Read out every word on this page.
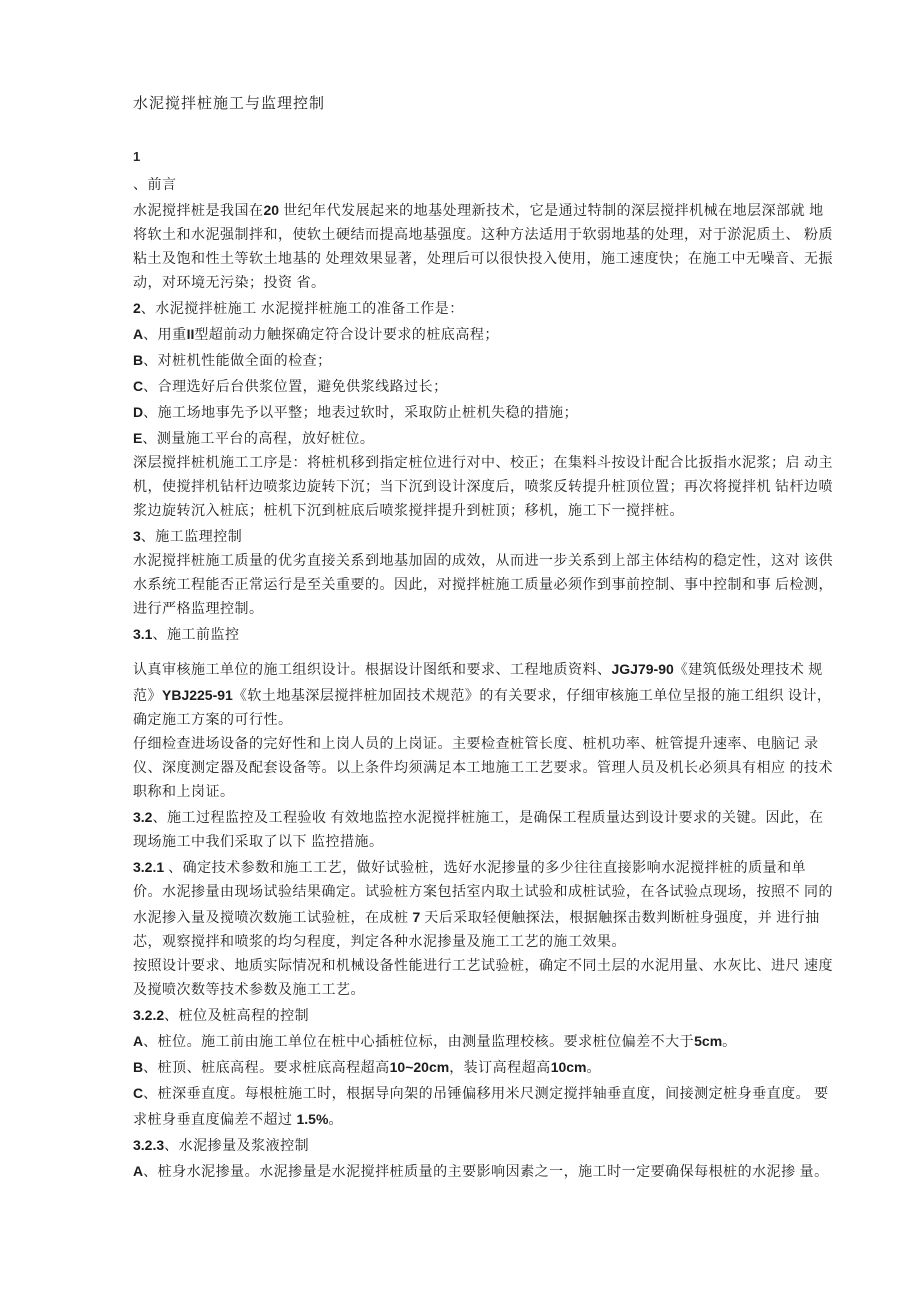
水泥搅拌桩施工与监理控制
1
、前言
水泥搅拌桩是我国在20 世纪年代发展起来的地基处理新技术，它是通过特制的深层搅拌机械在地层深部就 地
将软土和水泥强制拌和，使软土硬结而提高地基强度。这种方法适用于软弱地基的处理，对于淤泥质土、 粉质
粘土及饱和性土等软土地基的 处理效果显著，处理后可以很快投入使用，施工速度快；在施工中无噪音、无振
动，对环境无污染；投资 省。
2、水泥搅拌桩施工 水泥搅拌桩施工的准备工作是：
A、用重II型超前动力触探确定符合设计要求的桩底高程；
B、对桩机性能做全面的检查；
C、合理选好后台供浆位置，避免供浆线路过长；
D、施工场地事先予以平整；地表过软时，采取防止桩机失稳的措施；
E、测量施工平台的高程，放好桩位。
深层搅拌桩机施工工序是：将桩机移到指定桩位进行对中、校正；在集料斗按设计配合比扳指水泥浆；启 动主
机，使搅拌机钻杆边喷浆边旋转下沉；当下沉到设计深度后，喷浆反转提升桩顶位置；再次将搅拌机 钻杆边喷
浆边旋转沉入桩底；桩机下沉到桩底后喷浆搅拌提升到桩顶；移机，施工下一搅拌桩。
3、施工监理控制
水泥搅拌桩施工质量的优劣直接关系到地基加固的成效，从而进一步关系到上部主体结构的稳定性，这对 该供
水系统工程能否正常运行是至关重要的。因此，对搅拌桩施工质量必须作到事前控制、事中控制和事 后检测，
进行严格监理控制。
3.1、施工前监控
认真审核施工单位的施工组织设计。根据设计图纸和要求、工程地质资料、JGJ79-90《建筑低级处理技术 规
范》YBJ225-91《软土地基深层搅拌桩加固技术规范》的有关要求，仔细审核施工单位呈报的施工组织 设计，
确定施工方案的可行性。
仔细检查进场设备的完好性和上岗人员的上岗证。主要检查桩管长度、桩机功率、桩管提升速率、电脑记 录
仪、深度测定器及配套设备等。以上条件均须满足本工地施工工艺要求。管理人员及机长必须具有相应 的技术
职称和上岗证。
3.2、施工过程监控及工程验收 有效地监控水泥搅拌桩施工，是确保工程质量达到设计要求的关键。因此，在
现场施工中我们采取了以下 监控措施。
3.2.1 、确定技术参数和施工工艺，做好试验桩，选好水泥掺量的多少往往直接影响水泥搅拌桩的质量和单
价。水泥掺量由现场试验结果确定。试验桩方案包括室内取土试验和成桩试验，在各试验点现场，按照不 同的
水泥掺入量及搅喷次数施工试验桩，在成桩 7 天后采取轻便触探法，根据触探击数判断桩身强度，并 进行抽
芯，观察搅拌和喷浆的均匀程度，判定各种水泥掺量及施工工艺的施工效果。
按照设计要求、地质实际情况和机械设备性能进行工艺试验桩，确定不同土层的水泥用量、水灰比、进尺 速度
及搅喷次数等技术参数及施工工艺。
3.2.2、桩位及桩高程的控制
A、桩位。施工前由施工单位在桩中心插桩位标，由测量监理校核。要求桩位偏差不大于5cm。
B、桩顶、桩底高程。要求桩底高程超高10~20cm，装订高程超高10cm。
C、桩深垂直度。每根桩施工时，根据导向架的吊锤偏移用米尺测定搅拌轴垂直度，间接测定桩身垂直度。 要
求桩身垂直度偏差不超过 1.5%。
3.2.3、水泥掺量及浆液控制
A、桩身水泥掺量。水泥掺量是水泥搅拌桩质量的主要影响因素之一，施工时一定要确保每根桩的水泥掺 量。
